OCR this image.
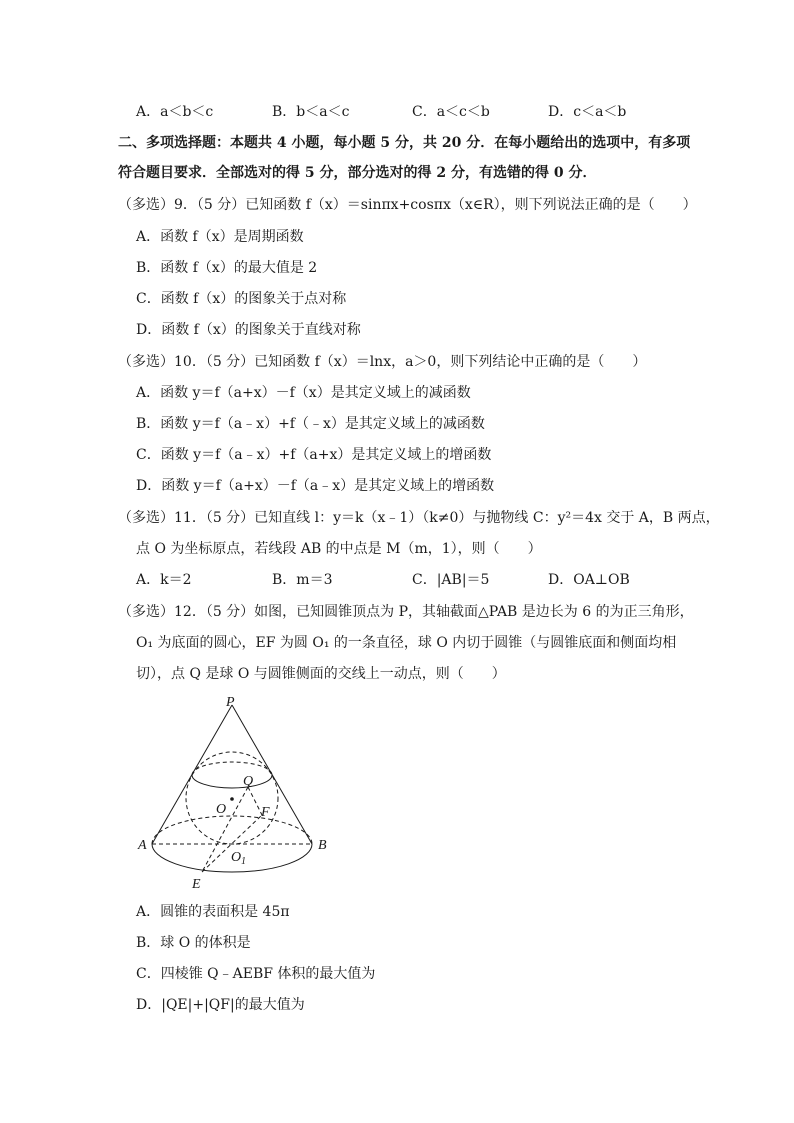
A．a＜b＜c	B．b＜a＜c	C．a＜c＜b	D．c＜a＜b
二、多项选择题：本题共 4 小题，每小题 5 分，共 20 分．在每小题给出的选项中，有多项
符合题目要求．全部选对的得 5 分，部分选对的得 2 分，有选错的得 0 分．
（多选）9．（5 分）已知函数 f（x）＝sinπx+cosπx（x∈R），则下列说法正确的是（　　）
A．函数 f（x）是周期函数
B．函数 f（x）的最大值是 2
C．函数 f（x）的图象关于点对称
D．函数 f（x）的图象关于直线对称
（多选）10．（5 分）已知函数 f（x）＝lnx，a＞0，则下列结论中正确的是（　　）
A．函数 y＝f（a+x）－f（x）是其定义域上的减函数
B．函数 y＝f（a﹣x）+f（﹣x）是其定义域上的减函数
C．函数 y＝f（a﹣x）+f（a+x）是其定义域上的增函数
D．函数 y＝f（a+x）－f（a﹣x）是其定义域上的增函数
（多选）11．（5 分）已知直线 l：y＝k（x﹣1）（k≠0）与抛物线 C：y²＝4x 交于 A，B 两点，
点 O 为坐标原点，若线段 AB 的中点是 M（m，1），则（　　）
A．k＝2	B．m＝3	C．|AB|＝5	D．OA⊥OB
（多选）12．（5 分）如图，已知圆锥顶点为 P，其轴截面△PAB 是边长为 6 的为正三角形，
O₁ 为底面的圆心，EF 为圆 O₁ 的一条直径，球 O 内切于圆锥（与圆锥底面和侧面均相
切），点 Q 是球 O 与圆锥侧面的交线上一动点，则（　　）
P
Q
O F
A	B
O 1
E
A．圆锥的表面积是 45π
B．球 O 的体积是
C．四棱锥 Q﹣AEBF 体积的最大值为
D．|QE|+|QF|的最大值为
